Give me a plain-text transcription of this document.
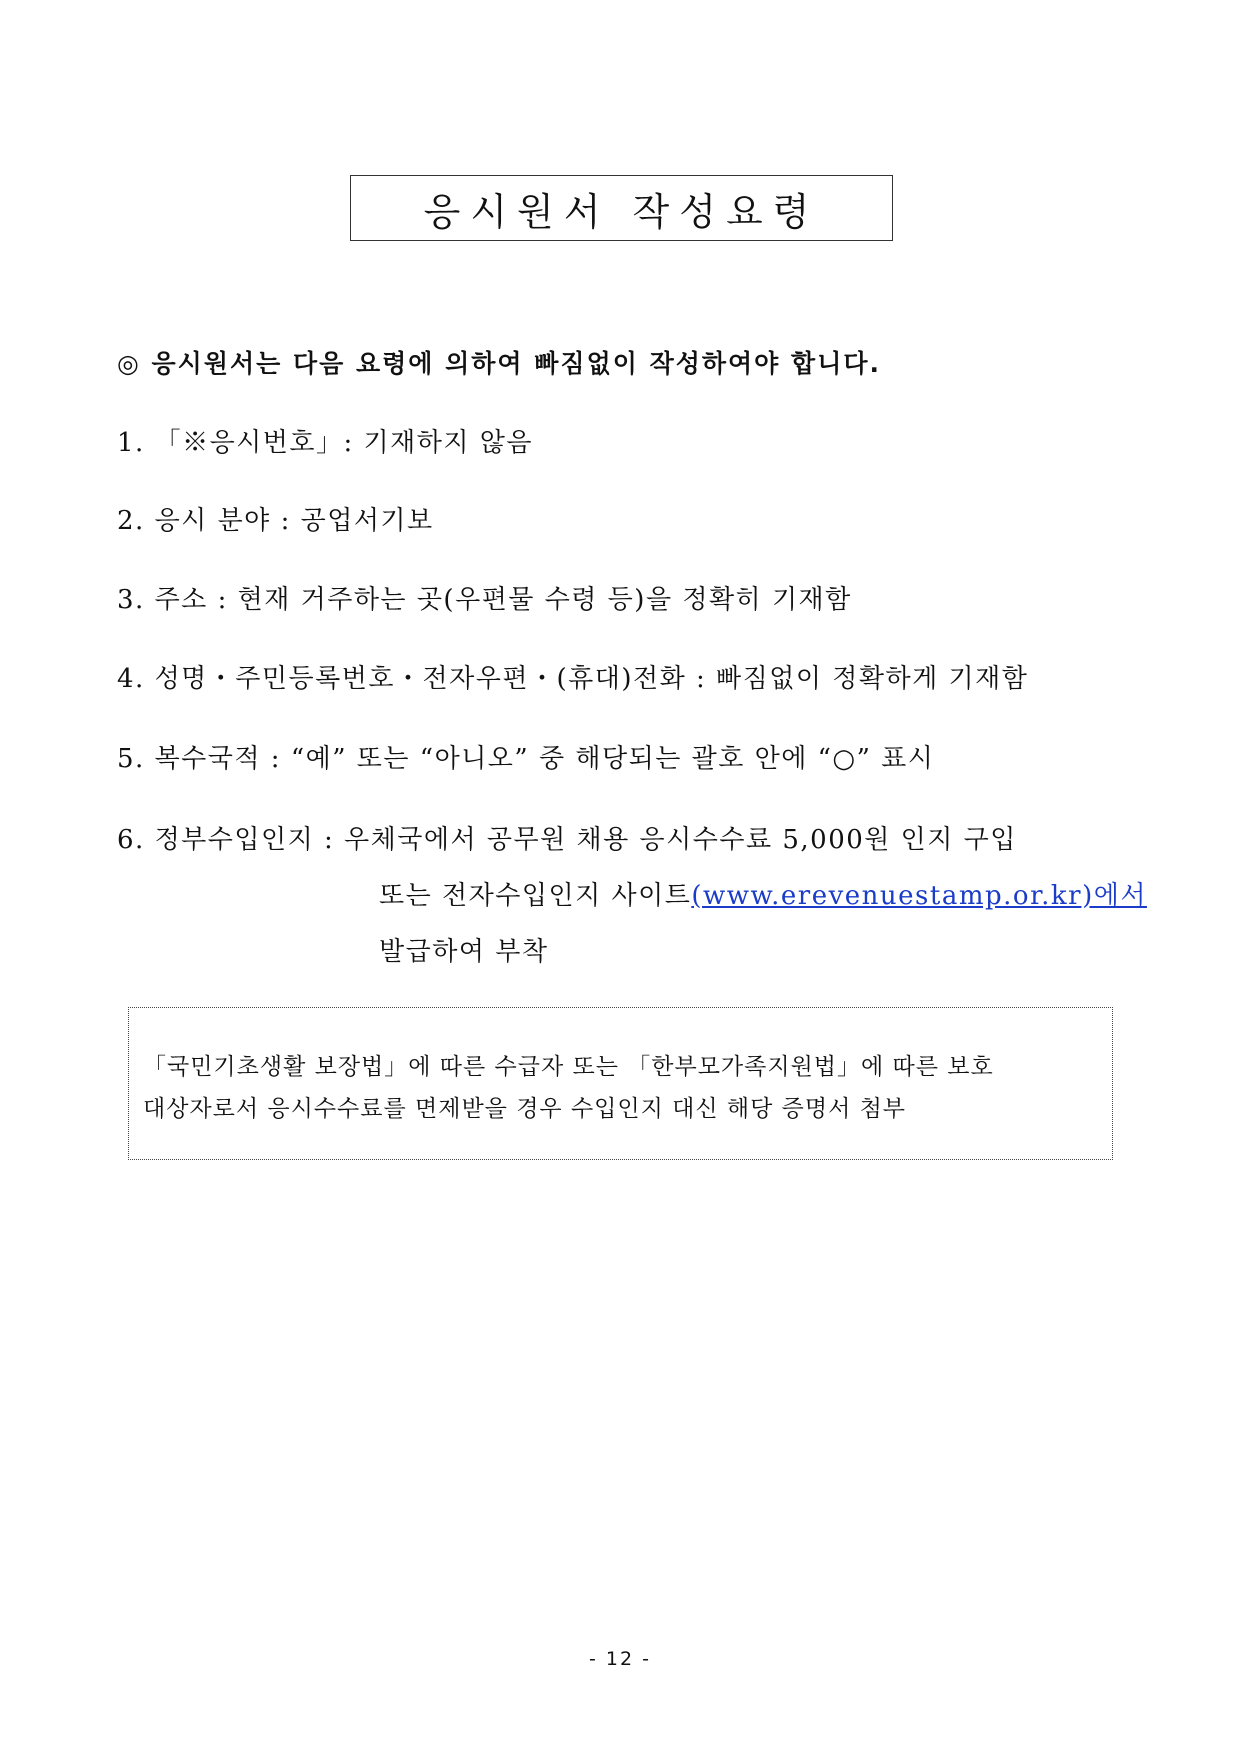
응시원서 작성요령
◎ 응시원서는 다음 요령에 의하여 빠짐없이 작성하여야 합니다.
1. 「※응시번호」: 기재하지 않음
2. 응시 분야 : 공업서기보
3. 주소 : 현재 거주하는 곳(우편물 수령 등)을 정확히 기재함
4. 성명・주민등록번호・전자우편・(휴대)전화 : 빠짐없이 정확하게 기재함
5. 복수국적 : “예” 또는 “아니오” 중 해당되는 괄호 안에 “○” 표시
6. 정부수입인지 : 우체국에서 공무원 채용 응시수수료 5,000원 인지 구입
또는 전자수입인지 사이트(www.erevenuestamp.or.kr)에서
발급하여 부착
「국민기초생활 보장법」에 따른 수급자 또는 「한부모가족지원법」에 따른 보호
대상자로서 응시수수료를 면제받을 경우 수입인지 대신 해당 증명서 첨부
- 12 -
